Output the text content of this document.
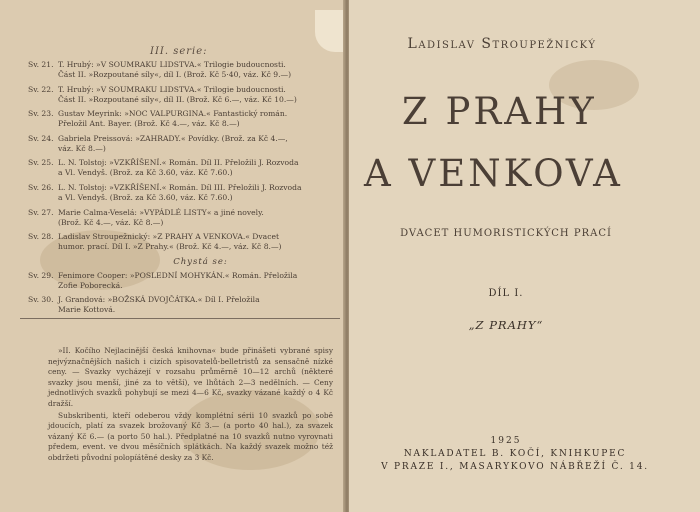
III. serie:
Sv. 21. T. Hrubý: »V SOUMRAKU LIDSTVA.« Trilogie budoucnosti.
Část II. »Rozpoutané síly«, díl I. (Brož. Kč 5·40, váz. Kč 9.—)
Sv. 22. T. Hrubý: »V SOUMRAKU LIDSTVA.« Trilogie budoucnosti.
Část II. »Rozpoutané síly«, díl II. (Brož. Kč 6.—, váz. Kč 10.—)
Sv. 23. Gustav Meyrink: »NOC VALPURGINA.« Fantastický román.
Přeložil Ant. Bayer. (Brož. Kč 4.—, váz. Kč 8.—)
Sv. 24. Gabriela Preissová: »ZAHRADY.« Povídky. (Brož. za Kč 4.—,
váz. Kč 8.—)
Sv. 25. L. N. Tolstoj: »VZKŘÍŠENÍ.« Román. Díl II. Přeložili J. Rozvoda
a Vl. Vendyš. (Brož. za Kč 3.60, váz. Kč 7.60.)
Sv. 26. L. N. Tolstoj: »VZKŘÍŠENÍ.« Román. Díl III. Přeložili J. Rozvoda
a Vl. Vendyš. (Brož. za Kč 3.60, váz. Kč 7.60.)
Sv. 27. Marie Calma-Veselá: »VYPÁDLÉ LISTY« a jiné novely.
(Brož. Kč 4.—, váz. Kč 8.—)
Sv. 28. Ladislav Stroupežnický: »Z PRAHY A VENKOVA.« Dvacet
humor. prací. Díl I. »Z Prahy.« (Brož. Kč 4.—, váz. Kč 8.—)
Chystá se:
Sv. 29. Fenimore Cooper: »POSLEDNÍ MOHYKÁN.« Román. Přeložila
Zofie Poborecká.
Sv. 30. J. Grandová: »BOŽSKÁ DVOJČÁTKA.« Díl I. Přeložila
Marie Kottová.

»II. Kočího Nejlacinější česká knihovna« bude přinášeti vybrané spisy nejvýznačnějších našich i cizích spisovatelů-belletristů za sensačně nízké ceny. — Svazky vycházejí v rozsahu průměrně 10—12 archů (některé svazky jsou menší, jiné za to větší), ve lhůtách 2—3 nedělních. — Ceny jednotlivých svazků pohybují se mezi 4—6 Kč, svazky vázané každý o 4 Kč dražší.

Subskribenti, kteří odeberou vždy komplétní sérii 10 svazků po sobě jdoucích, platí za svazek brožovaný Kč 3.— (a porto 40 hal.), za svazek vázaný Kč 6.— (a porto 50 hal.). Předplatné na 10 svazků nutno vyrovnati předem, event. ve dvou měsíčních splátkách. Na každý svazek možno též obdržeti původní polopíátěné desky za 3 Kč.

Ladislav Stroupežnický
Z PRAHY
A VENKOVA
DVACET HUMORISTICKÝCH PRACÍ
DÍL I.
„Z PRAHY“
1925
NAKLADATEL B. KOČÍ, KNIHKUPEC
V PRAZE I., MASARYKOVO NÁBŘEŽÍ Č. 14.
